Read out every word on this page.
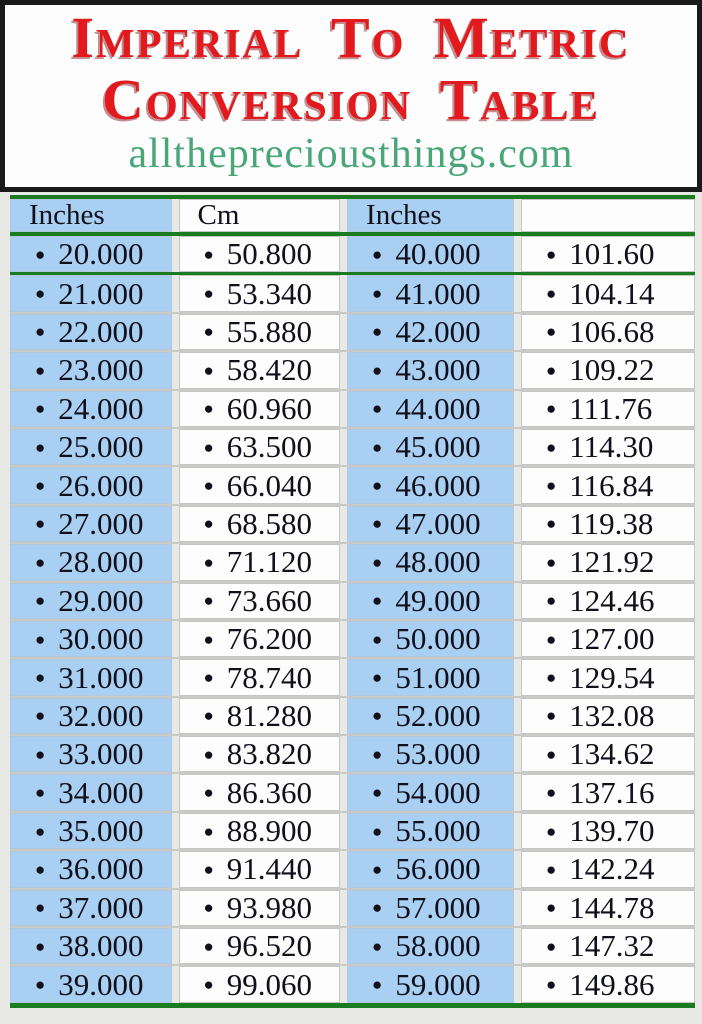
Imperial To Metric

Conversion Table

allthepreciousthings.com

Inches	Cm	Inches
● 20.000	● 50.800	● 40.000	● 101.60
● 21.000	● 53.340	● 41.000	● 104.14
● 22.000	● 55.880	● 42.000	● 106.68
● 23.000	● 58.420	● 43.000	● 109.22
● 24.000	● 60.960	● 44.000	● 111.76
● 25.000	● 63.500	● 45.000	● 114.30
● 26.000	● 66.040	● 46.000	● 116.84
● 27.000	● 68.580	● 47.000	● 119.38
● 28.000	● 71.120	● 48.000	● 121.92
● 29.000	● 73.660	● 49.000	● 124.46
● 30.000	● 76.200	● 50.000	● 127.00
● 31.000	● 78.740	● 51.000	● 129.54
● 32.000	● 81.280	● 52.000	● 132.08
● 33.000	● 83.820	● 53.000	● 134.62
● 34.000	● 86.360	● 54.000	● 137.16
● 35.000	● 88.900	● 55.000	● 139.70
● 36.000	● 91.440	● 56.000	● 142.24
● 37.000	● 93.980	● 57.000	● 144.78
● 38.000	● 96.520	● 58.000	● 147.32
● 39.000	● 99.060	● 59.000	● 149.86
